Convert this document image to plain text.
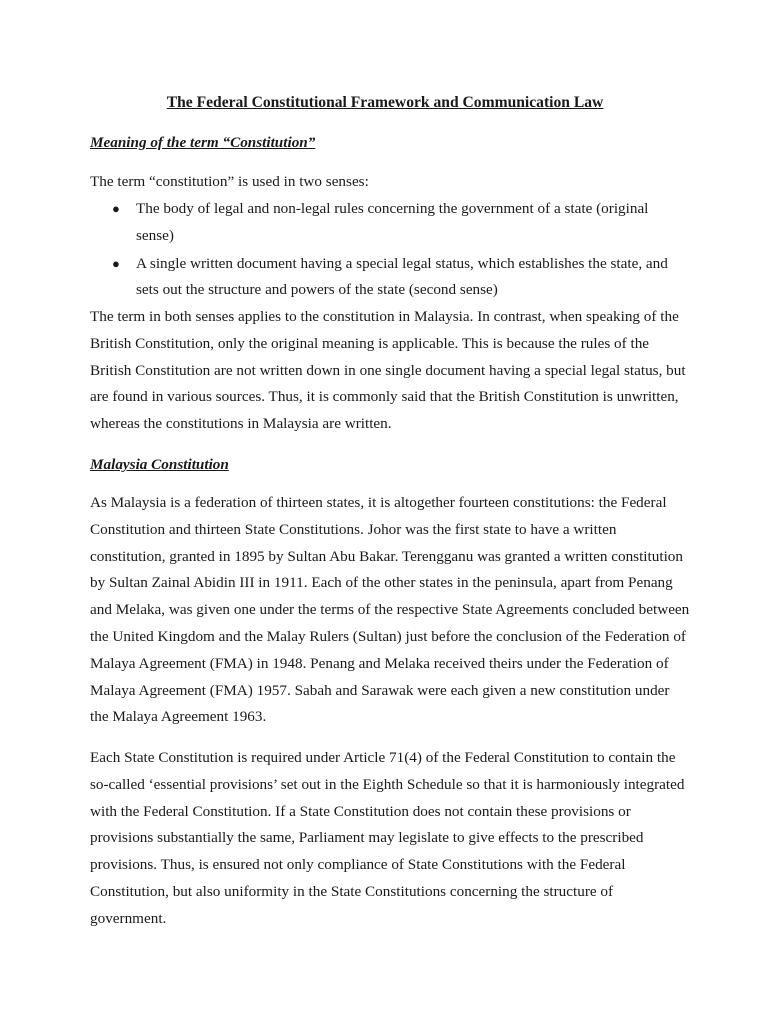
The Federal Constitutional Framework and Communication Law
Meaning of the term “Constitution”

The term “constitution” is used in two senses:

● The body of legal and non-legal rules concerning the government of a state (original sense)
● A single written document having a special legal status, which establishes the state, and sets out the structure and powers of the state (second sense)

The term in both senses applies to the constitution in Malaysia. In contrast, when speaking of the British Constitution, only the original meaning is applicable. This is because the rules of the British Constitution are not written down in one single document having a special legal status, but are found in various sources. Thus, it is commonly said that the British Constitution is unwritten, whereas the constitutions in Malaysia are written.

Malaysia Constitution

As Malaysia is a federation of thirteen states, it is altogether fourteen constitutions: the Federal Constitution and thirteen State Constitutions. Johor was the first state to have a written constitution, granted in 1895 by Sultan Abu Bakar. Terengganu was granted a written constitution by Sultan Zainal Abidin III in 1911. Each of the other states in the peninsula, apart from Penang and Melaka, was given one under the terms of the respective State Agreements concluded between the United Kingdom and the Malay Rulers (Sultan) just before the conclusion of the Federation of Malaya Agreement (FMA) in 1948. Penang and Melaka received theirs under the Federation of Malaya Agreement (FMA) 1957. Sabah and Sarawak were each given a new constitution under the Malaya Agreement 1963.

Each State Constitution is required under Article 71(4) of the Federal Constitution to contain the so-called ‘essential provisions’ set out in the Eighth Schedule so that it is harmoniously integrated with the Federal Constitution. If a State Constitution does not contain these provisions or provisions substantially the same, Parliament may legislate to give effects to the prescribed provisions. Thus, is ensured not only compliance of State Constitutions with the Federal Constitution, but also uniformity in the State Constitutions concerning the structure of government.
